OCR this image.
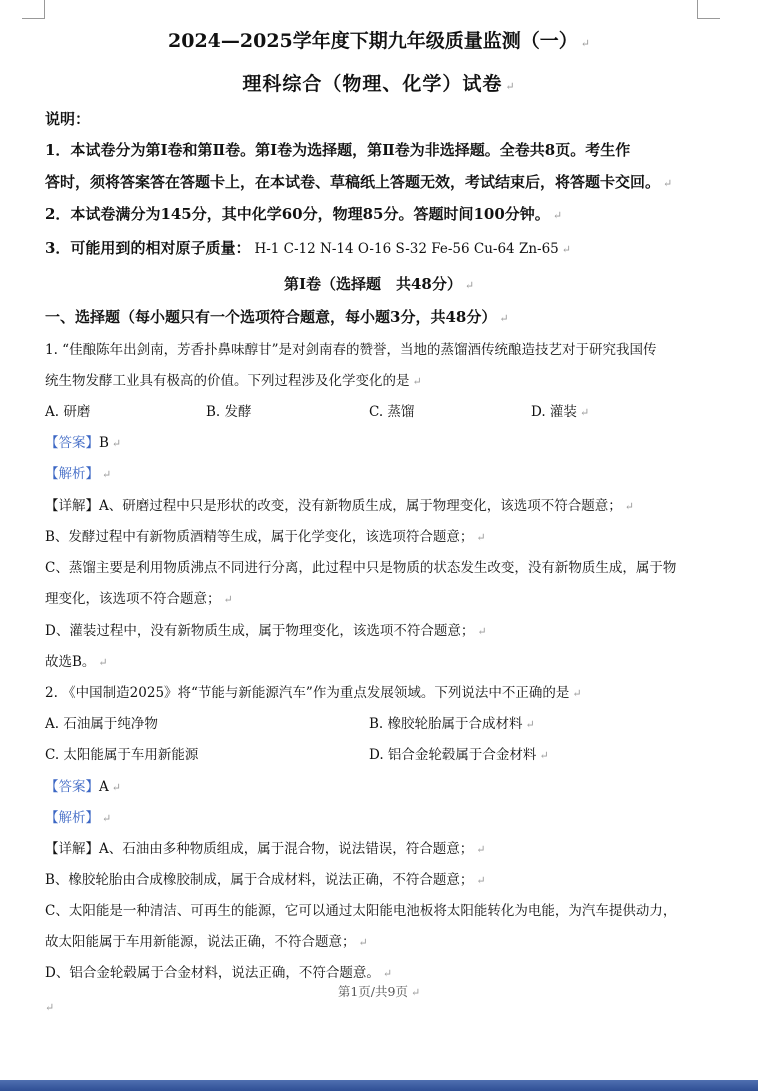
2024—2025学年度下期九年级质量监测（一） ↵
理科综合（物理、化学）试卷 ↵
说明：
1．本试卷分为第Ⅰ卷和第Ⅱ卷。第Ⅰ卷为选择题，第Ⅱ卷为非选择题。全卷共8页。考生作
答时，须将答案答在答题卡上，在本试卷、草稿纸上答题无效，考试结束后，将答题卡交回。 ↵
2．本试卷满分为145分，其中化学60分，物理85分。答题时间100分钟。 ↵
3．可能用到的相对原子质量： H-1 C-12 N-14 O-16 S-32 Fe-56 Cu-64 Zn-65 ↵
第Ⅰ卷（选择题　共48分） ↵
一、选择题（每小题只有一个选项符合题意，每小题3分，共48分） ↵
1. “佳酿陈年出剑南，芳香扑鼻味醇甘”是对剑南春的赞誉，当地的蒸馏酒传统酿造技艺对于研究我国传
统生物发酵工业具有极高的价值。下列过程涉及化学变化的是 ↵
A. 研磨	B. 发酵	C. 蒸馏	D. 灌装 ↵
【答案】B ↵
【解析】 ↵
【详解】A、研磨过程中只是形状的改变，没有新物质生成，属于物理变化，该选项不符合题意； ↵
B、发酵过程中有新物质酒精等生成，属于化学变化，该选项符合题意； ↵
C、蒸馏主要是利用物质沸点不同进行分离，此过程中只是物质的状态发生改变，没有新物质生成，属于物
理变化，该选项不符合题意； ↵
D、灌装过程中，没有新物质生成，属于物理变化，该选项不符合题意； ↵
故选B。 ↵
2. 《中国制造2025》将“节能与新能源汽车”作为重点发展领域。下列说法中不正确的是 ↵
A. 石油属于纯净物	B. 橡胶轮胎属于合成材料 ↵
C. 太阳能属于车用新能源	D. 铝合金轮毂属于合金材料 ↵
【答案】A ↵
【解析】 ↵
【详解】A、石油由多种物质组成，属于混合物，说法错误，符合题意； ↵
B、橡胶轮胎由合成橡胶制成，属于合成材料，说法正确，不符合题意； ↵
C、太阳能是一种清洁、可再生的能源，它可以通过太阳能电池板将太阳能转化为电能，为汽车提供动力，
故太阳能属于车用新能源，说法正确，不符合题意； ↵
D、铝合金轮毂属于合金材料，说法正确，不符合题意。 ↵
第1页/共9页 ↵
↵
